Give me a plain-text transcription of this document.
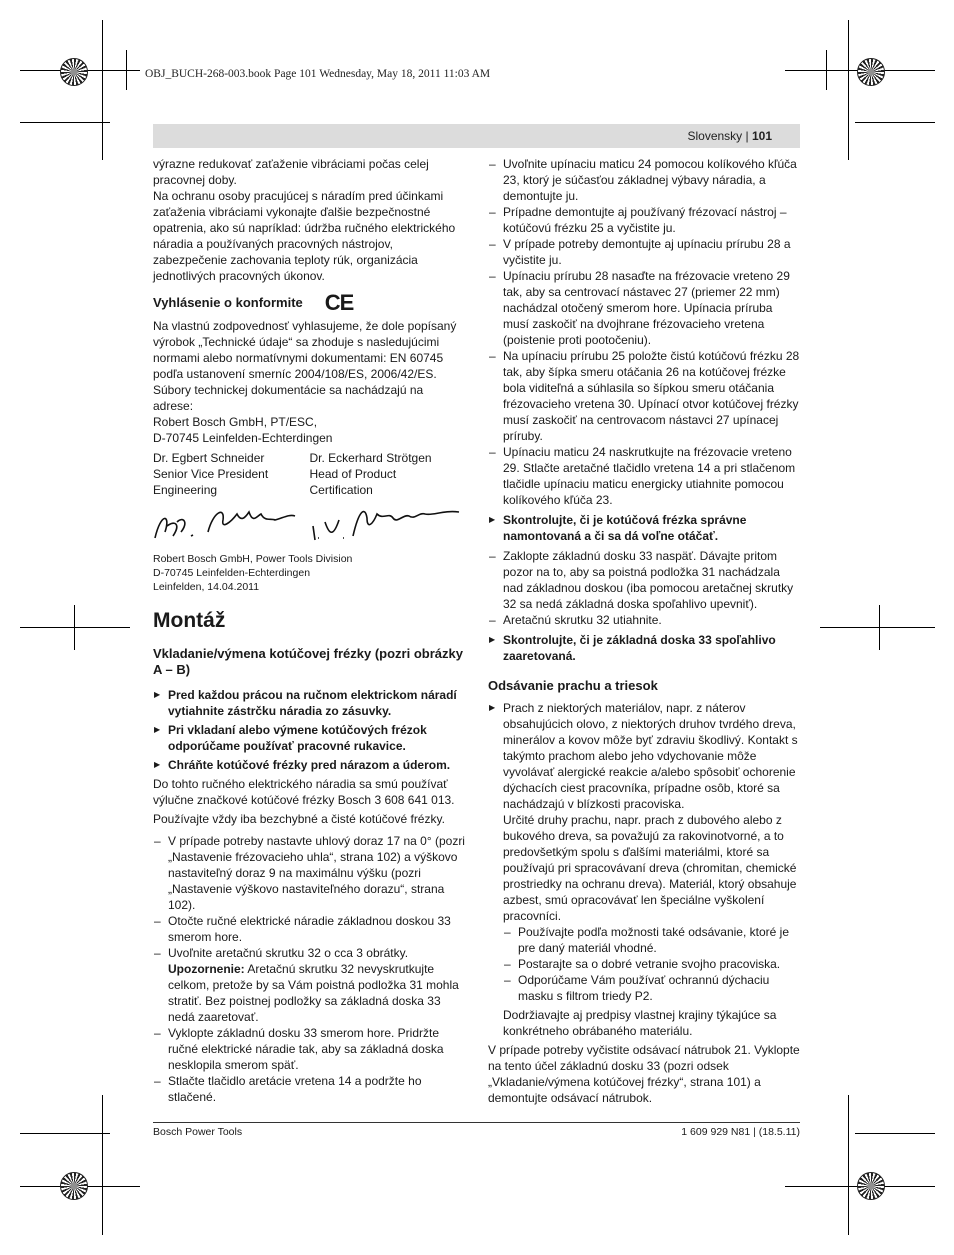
OBJ_BUCH-268-003.book Page 101 Wednesday, May 18, 2011 11:03 AM
Slovensky | 101

výrazne redukovať zaťaženie vibráciami počas celej pracovnej doby.

Na ochranu osoby pracujúcej s náradím pred účinkami zaťaženia vibráciami vykonajte ďalšie bezpečnostné opatrenia, ako sú napríklad: údržba ručného elektrického náradia a používaných pracovných nástrojov, zabezpečenie zachovania teploty rúk, organizácia jednotlivých pracovných úkonov.

Vyhlásenie o konformite CE

Na vlastnú zodpovednosť vyhlasujeme, že dole popísaný výrobok „Technické údaje“ sa zhoduje s nasledujúcimi normami alebo normatívnymi dokumentami: EN 60745 podľa ustanovení smerníc 2004/108/ES, 2006/42/ES.

Súbory technickej dokumentácie sa nachádzajú na adrese:

Robert Bosch GmbH, PT/ESC,

D-70745 Leinfelden-Echterdingen

Dr. Egbert Schneider

Senior Vice President

Engineering

Dr. Eckerhard Strötgen

Head of Product

Certification

Robert Bosch GmbH, Power Tools Division

D-70745 Leinfelden-Echterdingen

Leinfelden, 14.04.2011

Montáž

Vkladanie/výmena kotúčovej frézky (pozri obrázky A – B)

▶ Pred každou prácou na ručnom elektrickom náradí vytiahnite zástrčku náradia zo zásuvky.

▶ Pri vkladaní alebo výmene kotúčových frézok odporúčame používať pracovné rukavice.

▶ Chráňte kotúčové frézky pred nárazom a úderom.

Do tohto ručného elektrického náradia sa smú používať výlučne značkové kotúčové frézky Bosch 3 608 641 013.

Používajte vždy iba bezchybné a čisté kotúčové frézky.

– V prípade potreby nastavte uhlový doraz 17 na 0° (pozri „Nastavenie frézovacieho uhla“, strana 102) a výškovo nastaviteľný doraz 9 na maximálnu výšku (pozri „Nastavenie výškovo nastaviteľného dorazu“, strana 102).

– Otočte ručné elektrické náradie základnou doskou 33 smerom hore.

– Uvoľnite aretačnú skrutku 32 o cca 3 obrátky.

Upozornenie: Aretačnú skrutku 32 nevyskrutkujte celkom, pretože by sa Vám poistná podložka 31 mohla stratiť. Bez poistnej podložky sa základná doska 33 nedá zaaretovať.

– Vyklopte základnú dosku 33 smerom hore. Pridržte ručné elektrické náradie tak, aby sa základná doska nesklopila smerom späť.

– Stlačte tlačidlo aretácie vretena 14 a podržte ho stlačené.

– Uvoľnite upínaciu maticu 24 pomocou kolíkového kľúča 23, ktorý je súčasťou základnej výbavy náradia, a demontujte ju.

– Prípadne demontujte aj používaný frézovací nástroj – kotúčovú frézku 25 a vyčistite ju.

– V prípade potreby demontujte aj upínaciu prírubu 28 a vyčistite ju.

– Upínaciu prírubu 28 nasaďte na frézovacie vreteno 29 tak, aby sa centrovací nástavec 27 (priemer 22 mm) nachádzal otočený smerom hore. Upínacia príruba musí zaskočiť na dvojhrane frézovacieho vretena (poistenie proti pootočeniu).

– Na upínaciu prírubu 25 položte čistú kotúčovú frézku 28 tak, aby šípka smeru otáčania 26 na kotúčovej frézke bola viditeľná a súhlasila so šípkou smeru otáčania frézovacieho vretena 30. Upínací otvor kotúčovej frézky musí zaskočiť na centrovacom nástavci 27 upínacej príruby.

– Upínaciu maticu 24 naskrutkujte na frézovacie vreteno 29. Stlačte aretačné tlačidlo vretena 14 a pri stlačenom tlačidle upínaciu maticu energicky utiahnite pomocou kolíkového kľúča 23.

▶ Skontrolujte, či je kotúčová frézka správne namontovaná a či sa dá voľne otáčať.

– Zaklopte základnú dosku 33 naspäť. Dávajte pritom pozor na to, aby sa poistná podložka 31 nachádzala nad základnou doskou (iba pomocou aretačnej skrutky 32 sa nedá základná doska spoľahlivo upevniť).

– Aretačnú skrutku 32 utiahnite.

▶ Skontrolujte, či je základná doska 33 spoľahlivo zaaretovaná.

Odsávanie prachu a triesok

▶ Prach z niektorých materiálov, napr. z náterov obsahujúcich olovo, z niektorých druhov tvrdého dreva, minerálov a kovov môže byť zdraviu škodlivý. Kontakt s takýmto prachom alebo jeho vdychovanie môže vyvolávať alergické reakcie a/alebo spôsobiť ochorenie dýchacích ciest pracovníka, prípadne osôb, ktoré sa nachádzajú v blízkosti pracoviska.

Určité druhy prachu, napr. prach z dubového alebo z bukového dreva, sa považujú za rakovinotvorné, a to predovšetkým spolu s ďalšími materiálmi, ktoré sa používajú pri spracovávaní dreva (chromitan, chemické prostriedky na ochranu dreva). Materiál, ktorý obsahuje azbest, smú opracovávať len špeciálne vyškolení pracovníci.

– Používajte podľa možnosti také odsávanie, ktoré je pre daný materiál vhodné.

– Postarajte sa o dobré vetranie svojho pracoviska.

– Odporúčame Vám používať ochrannú dýchaciu masku s filtrom triedy P2.

Dodržiavajte aj predpisy vlastnej krajiny týkajúce sa konkrétneho obrábaného materiálu.

V prípade potreby vyčistite odsávací nátrubok 21. Vyklopte na tento účel základnú dosku 33 (pozri odsek „Vkladanie/výmena kotúčovej frézky“, strana 101) a demontujte odsávací nátrubok.

Bosch Power Tools	1 609 929 N81 | (18.5.11)
